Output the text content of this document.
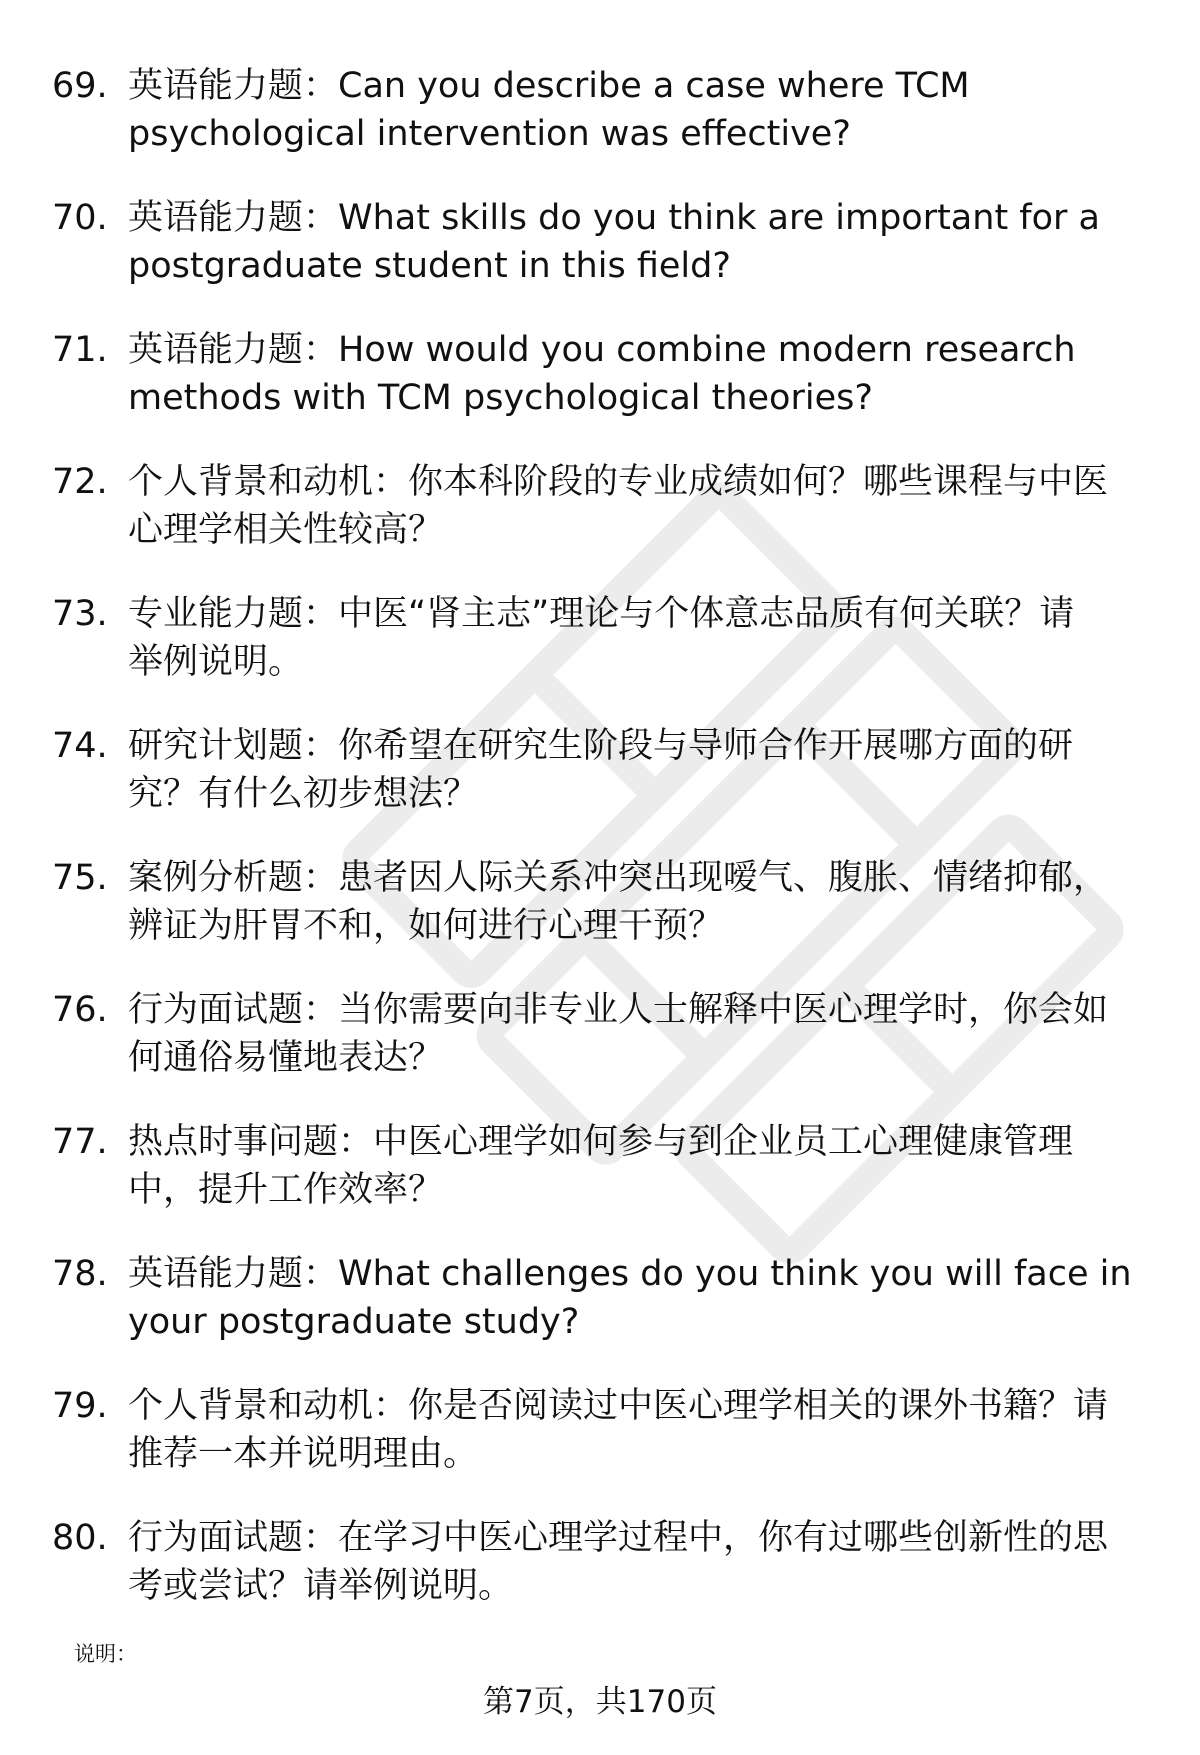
69. 英语能力题：Can you describe a case where TCM
psychological intervention was effective?
70. 英语能力题：What skills do you think are important for a
postgraduate student in this field?
71. 英语能力题：How would you combine modern research
methods with TCM psychological theories?
72. 个人背景和动机：你本科阶段的专业成绩如何？哪些课程与中医
心理学相关性较高？
73. 专业能力题：中医“肾主志”理论与个体意志品质有何关联？请
举例说明。
74. 研究计划题：你希望在研究生阶段与导师合作开展哪方面的研
究？有什么初步想法？
75. 案例分析题：患者因人际关系冲突出现嗳气、腹胀、情绪抑郁，
辨证为肝胃不和，如何进行心理干预？
76. 行为面试题：当你需要向非专业人士解释中医心理学时，你会如
何通俗易懂地表达？
77. 热点时事问题：中医心理学如何参与到企业员工心理健康管理
中，提升工作效率？
78. 英语能力题：What challenges do you think you will face in
your postgraduate study?
79. 个人背景和动机：你是否阅读过中医心理学相关的课外书籍？请
推荐一本并说明理由。
80. 行为面试题：在学习中医心理学过程中，你有过哪些创新性的思
考或尝试？请举例说明。
说明：
第7页，共170页
